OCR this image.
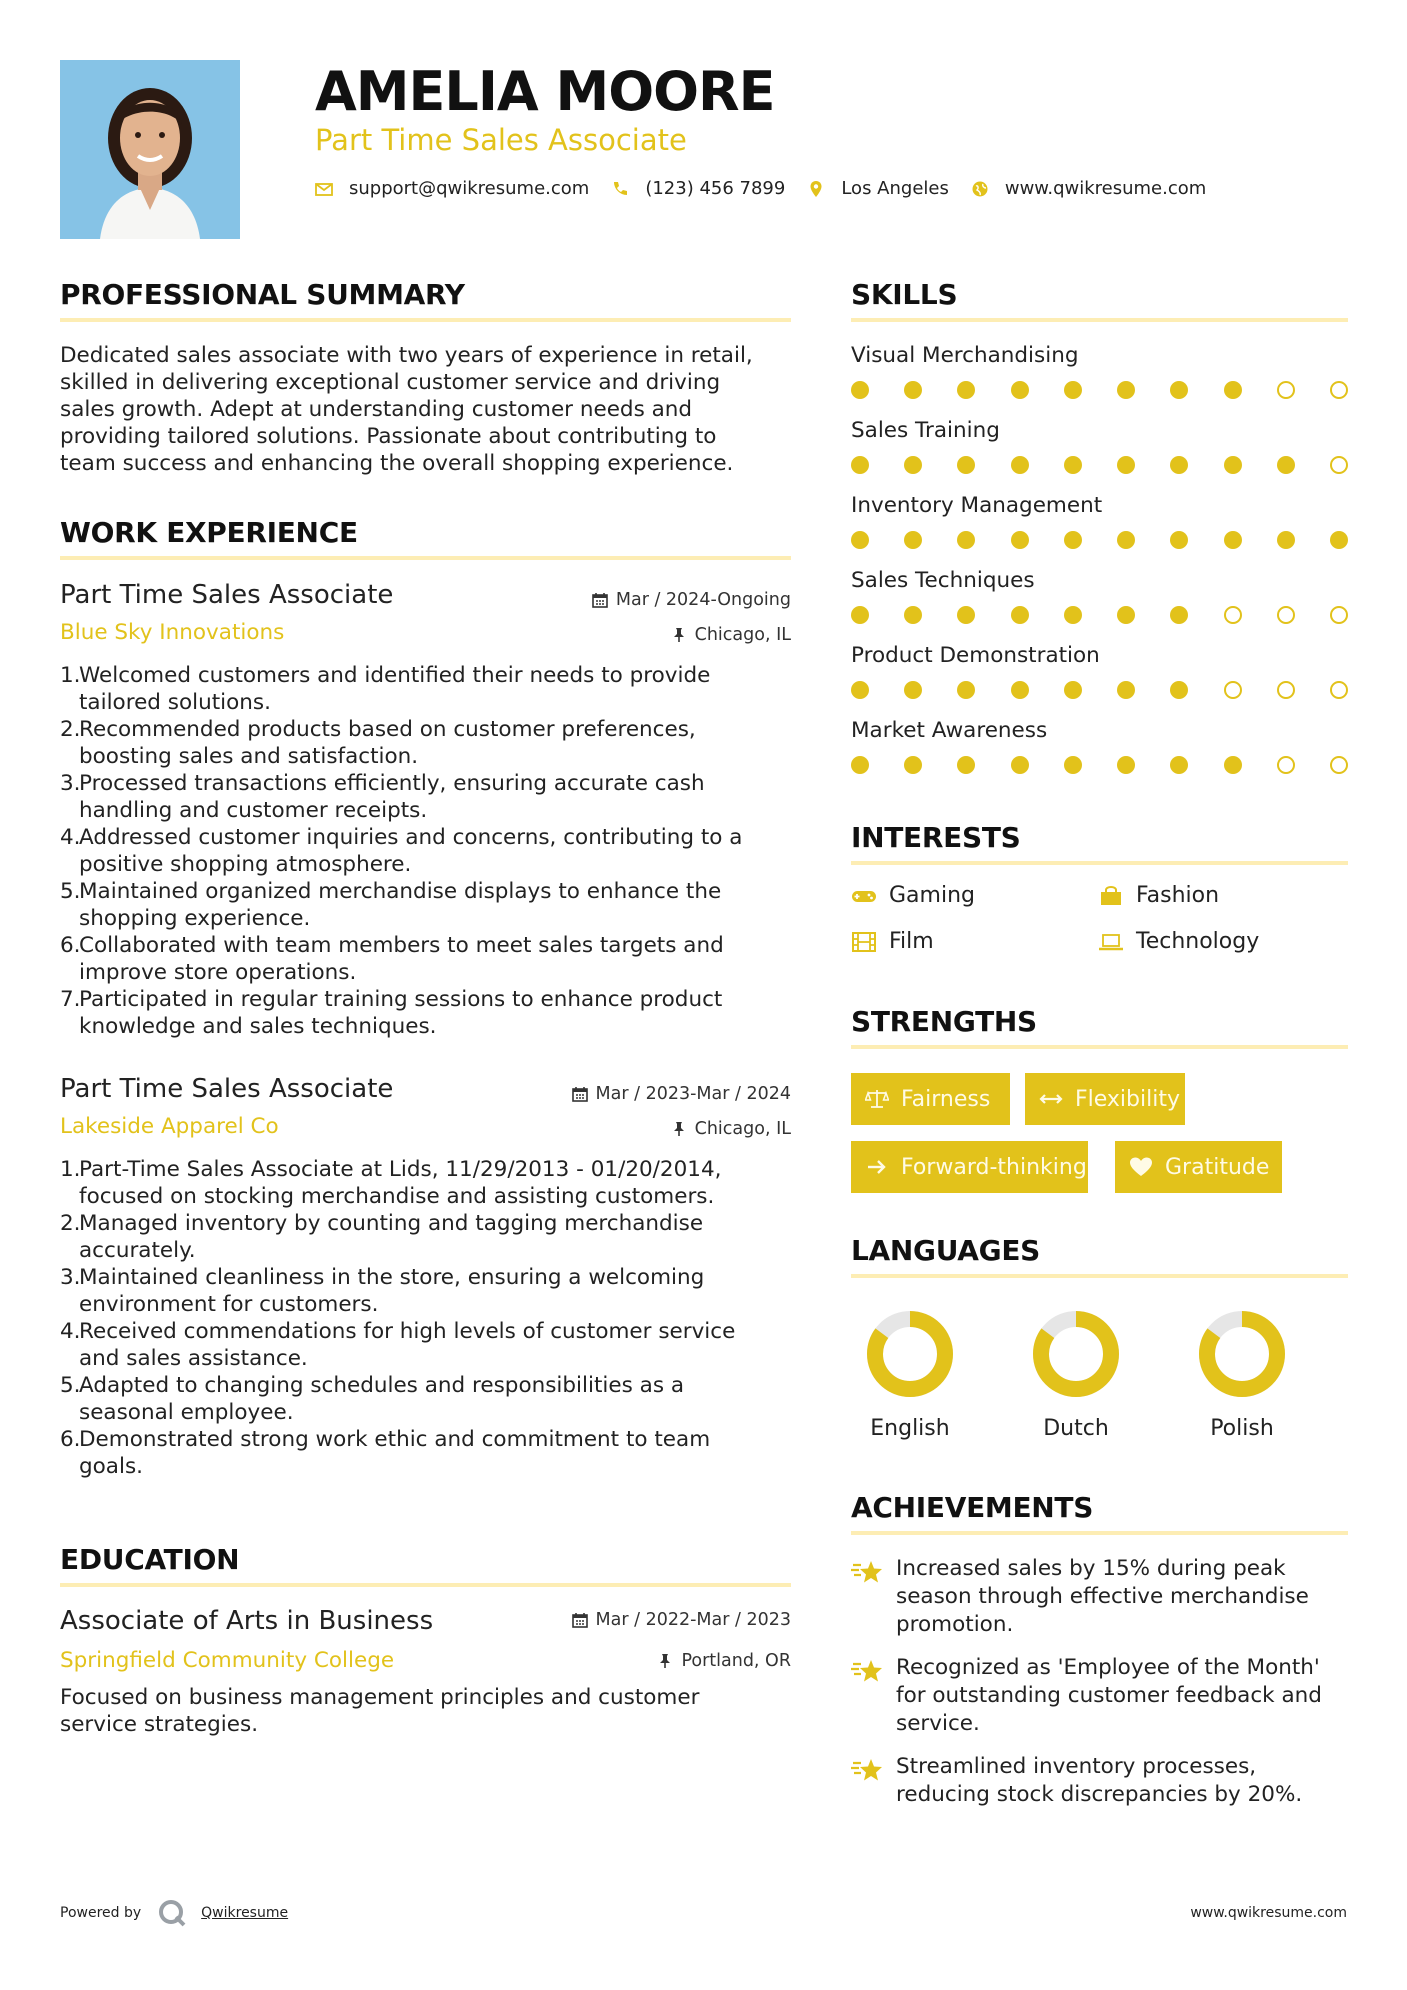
AMELIA MOORE
Part Time Sales Associate
support@qwikresume.com	(123) 456 7899	Los Angeles	www.qwikresume.com
PROFESSIONAL SUMMARY
Dedicated sales associate with two years of experience in retail,
skilled in delivering exceptional customer service and driving
sales growth. Adept at understanding customer needs and
providing tailored solutions. Passionate about contributing to
team success and enhancing the overall shopping experience.
WORK EXPERIENCE
Part Time Sales Associate	Mar / 2024-Ongoing
Blue Sky Innovations	Chicago, IL
1.
Welcomed customers and identified their needs to provide
tailored solutions.
2.
Recommended products based on customer preferences,
boosting sales and satisfaction.
3.
Processed transactions efficiently, ensuring accurate cash
handling and customer receipts.
4.
Addressed customer inquiries and concerns, contributing to a
positive shopping atmosphere.
5.
Maintained organized merchandise displays to enhance the
shopping experience.
6.
Collaborated with team members to meet sales targets and
improve store operations.
7.
Participated in regular training sessions to enhance product
knowledge and sales techniques.
Part Time Sales Associate	Mar / 2023-Mar / 2024
Lakeside Apparel Co	Chicago, IL
1.
Part-Time Sales Associate at Lids, 11/29/2013 - 01/20/2014,
focused on stocking merchandise and assisting customers.
2.
Managed inventory by counting and tagging merchandise
accurately.
3.
Maintained cleanliness in the store, ensuring a welcoming
environment for customers.
4.
Received commendations for high levels of customer service
and sales assistance.
5.
Adapted to changing schedules and responsibilities as a
seasonal employee.
6.
Demonstrated strong work ethic and commitment to team
goals.
EDUCATION
Associate of Arts in Business	Mar / 2022-Mar / 2023
Springfield Community College	Portland, OR
Focused on business management principles and customer
service strategies.
SKILLS
Visual Merchandising
Sales Training
Inventory Management
Sales Techniques
Product Demonstration
Market Awareness
INTERESTS
Gaming	Fashion
Film	Technology
STRENGTHS
Fairness	Flexibility
Forward-thinking	Gratitude
LANGUAGES
English	Dutch	Polish
ACHIEVEMENTS
Increased sales by 15% during peak
season through effective merchandise
promotion.
Recognized as 'Employee of the Month'
for outstanding customer feedback and
service.
Streamlined inventory processes,
reducing stock discrepancies by 20%.
Powered by	Qwikresume	www.qwikresume.com
